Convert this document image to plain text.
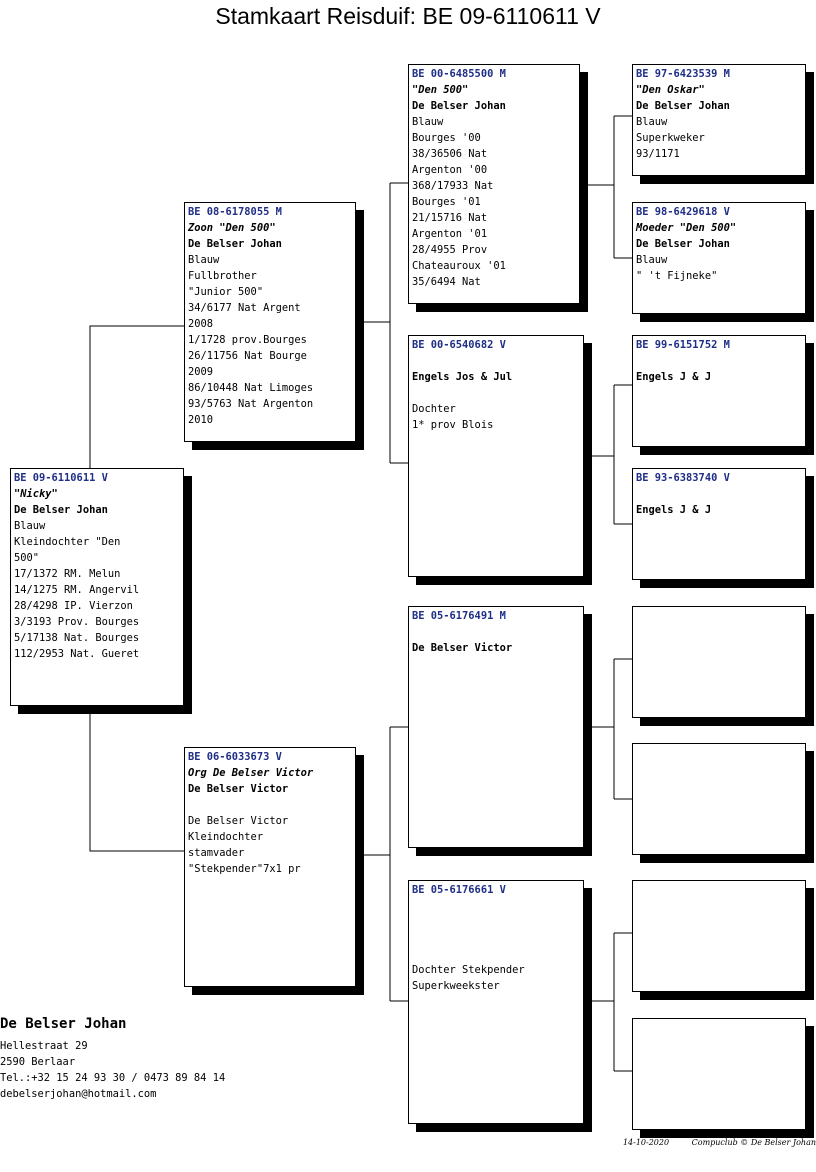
Stamkaart Reisduif: BE 09-6110611 V
BE 09-6110611 V
"Nicky"
De Belser Johan
Blauw
Kleindochter "Den
500"
17/1372 RM. Melun
14/1275 RM. Angervil
28/4298 IP. Vierzon
3/3193 Prov. Bourges
5/17138 Nat. Bourges
112/2953 Nat. Gueret
BE 08-6178055 M
Zoon "Den 500"
De Belser Johan
Blauw
Fullbrother
"Junior 500"
34/6177 Nat Argent
2008
1/1728 prov.Bourges
26/11756 Nat Bourge
2009
86/10448 Nat Limoges
93/5763 Nat Argenton
2010
BE 06-6033673 V
Org De Belser Victor
De Belser Victor
De Belser Victor
Kleindochter
stamvader
"Stekpender"7x1 pr
BE 00-6485500 M
"Den 500"
De Belser Johan
Blauw
Bourges '00
38/36506 Nat
Argenton '00
368/17933 Nat
Bourges '01
21/15716 Nat
Argenton '01
28/4955 Prov
Chateauroux '01
35/6494 Nat
BE 00-6540682 V
Engels Jos & Jul
Dochter
1* prov Blois
BE 05-6176491 M
De Belser Victor
BE 05-6176661 V
Dochter Stekpender
Superkweekster
BE 97-6423539 M
"Den Oskar"
De Belser Johan
Blauw
Superkweker
93/1171
BE 98-6429618 V
Moeder "Den 500"
De Belser Johan
Blauw
" 't Fijneke"
BE 99-6151752 M
Engels J & J
BE 93-6383740 V
Engels J & J
De Belser Johan
Hellestraat 29
2590 Berlaar
Tel.:+32 15 24 93 30 / 0473 89 84 14
debelserjohan@hotmail.com
14-10-2020	Compuclub © De Belser Johan
